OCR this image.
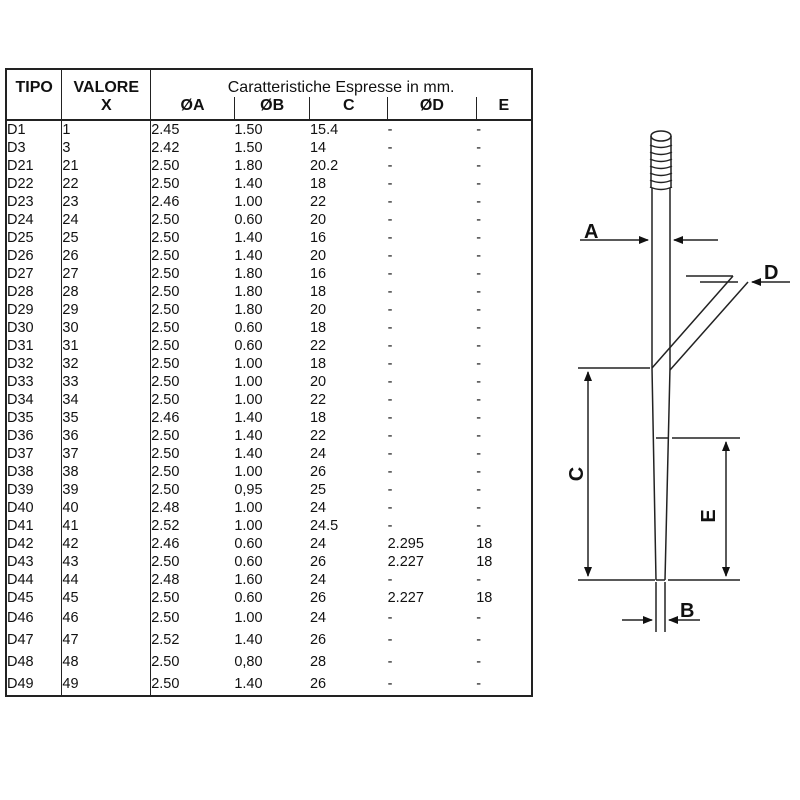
TIPO	VALORE	Caratteristiche Espresse in mm.				
	X	ØA	ØB	C	ØD	E
D1	1	2.45	1.50	15.4	-	-
D3	3	2.42	1.50	14	-	-
D21	21	2.50	1.80	20.2	-	-
D22	22	2.50	1.40	18	-	-
D23	23	2.46	1.00	22	-	-
D24	24	2.50	0.60	20	-	-
D25	25	2.50	1.40	16	-	-
D26	26	2.50	1.40	20	-	-
D27	27	2.50	1.80	16	-	-
D28	28	2.50	1.80	18	-	-
D29	29	2.50	1.80	20	-	-
D30	30	2.50	0.60	18	-	-
D31	31	2.50	0.60	22	-	-
D32	32	2.50	1.00	18	-	-
D33	33	2.50	1.00	20	-	-
D34	34	2.50	1.00	22	-	-
D35	35	2.46	1.40	18	-	-
D36	36	2.50	1.40	22	-	-
D37	37	2.50	1.40	24	-	-
D38	38	2.50	1.00	26	-	-
D39	39	2.50	0,95	25	-	-
D40	40	2.48	1.00	24	-	-
D41	41	2.52	1.00	24.5	-	-
D42	42	2.46	0.60	24	2.295	18
D43	43	2.50	0.60	26	2.227	18
D44	44	2.48	1.60	24	-	-
D45	45	2.50	0.60	26	2.227	18
D46	46	2.50	1.00	24	-	-
D47	47	2.52	1.40	26	-	-
D48	48	2.50	0,80	28	-	-
D49	49	2.50	1.40	26	-	-
A
D
C
E
B
